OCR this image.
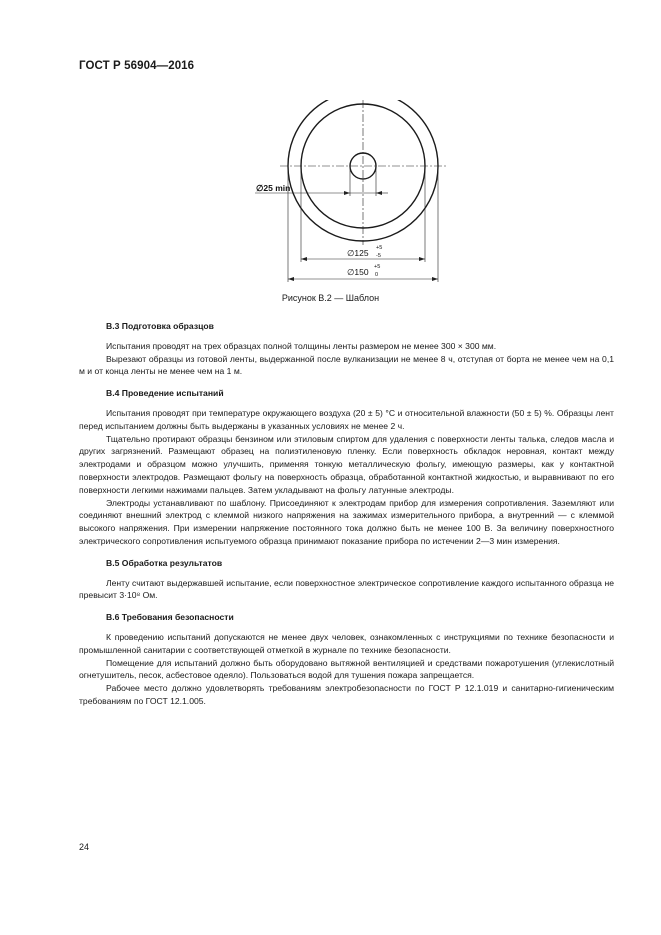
ГОСТ Р 56904—2016
∅25 min
∅125 +5
-5
∅150 +5
0
Рисунок В.2 — Шаблон
В.3 Подготовка образцов

Испытания проводят на трех образцах полной толщины ленты размером не менее 300 × 300 мм.

Вырезают образцы из готовой ленты, выдержанной после вулканизации не менее 8 ч, отступая от борта не менее чем на 0,1 м и от конца ленты не менее чем на 1 м.

В.4 Проведение испытаний

Испытания проводят при температуре окружающего воздуха (20 ± 5) °С и относительной влажности (50 ± 5) %. Образцы лент перед испытанием должны быть выдержаны в указанных условиях не менее 2 ч.

Тщательно протирают образцы бензином или этиловым спиртом для удаления с поверхности ленты талька, следов масла и других загрязнений. Размещают образец на полиэтиленовую пленку. Если поверхность обкладок неровная, контакт между электродами и образцом можно улучшить, применяя тонкую металлическую фольгу, имеющую размеры, как у контактной поверхности электродов. Размещают фольгу на поверхность образца, обработанной контактной жидкостью, и выравнивают по его поверхности легкими нажимами пальцев. Затем укладывают на фольгу латунные электроды.

Электроды устанавливают по шаблону. Присоединяют к электродам прибор для измерения сопротивления. Заземляют или соединяют внешний электрод с клеммой низкого напряжения на зажимах измерительного прибора, а внутренний — с клеммой высокого напряжения. При измерении напряжение постоянного тока должно быть не менее 100 В. За величину поверхностного электрического сопротивления испытуемого образца принимают показание прибора по истечении 2—3 мин измерения.

В.5 Обработка результатов

Ленту считают выдержавшей испытание, если поверхностное электрическое сопротивление каждого испытанного образца не превысит 3·10⁸ Ом.

В.6 Требования безопасности

К проведению испытаний допускаются не менее двух человек, ознакомленных с инструкциями по технике безопасности и промышленной санитарии с соответствующей отметкой в журнале по технике безопасности.

Помещение для испытаний должно быть оборудовано вытяжной вентиляцией и средствами пожаротушения (углекислотный огнетушитель, песок, асбестовое одеяло). Пользоваться водой для тушения пожара запрещается.

Рабочее место должно удовлетворять требованиям электробезопасности по ГОСТ Р 12.1.019 и санитарно-гигиеническим требованиям по ГОСТ 12.1.005.

24
